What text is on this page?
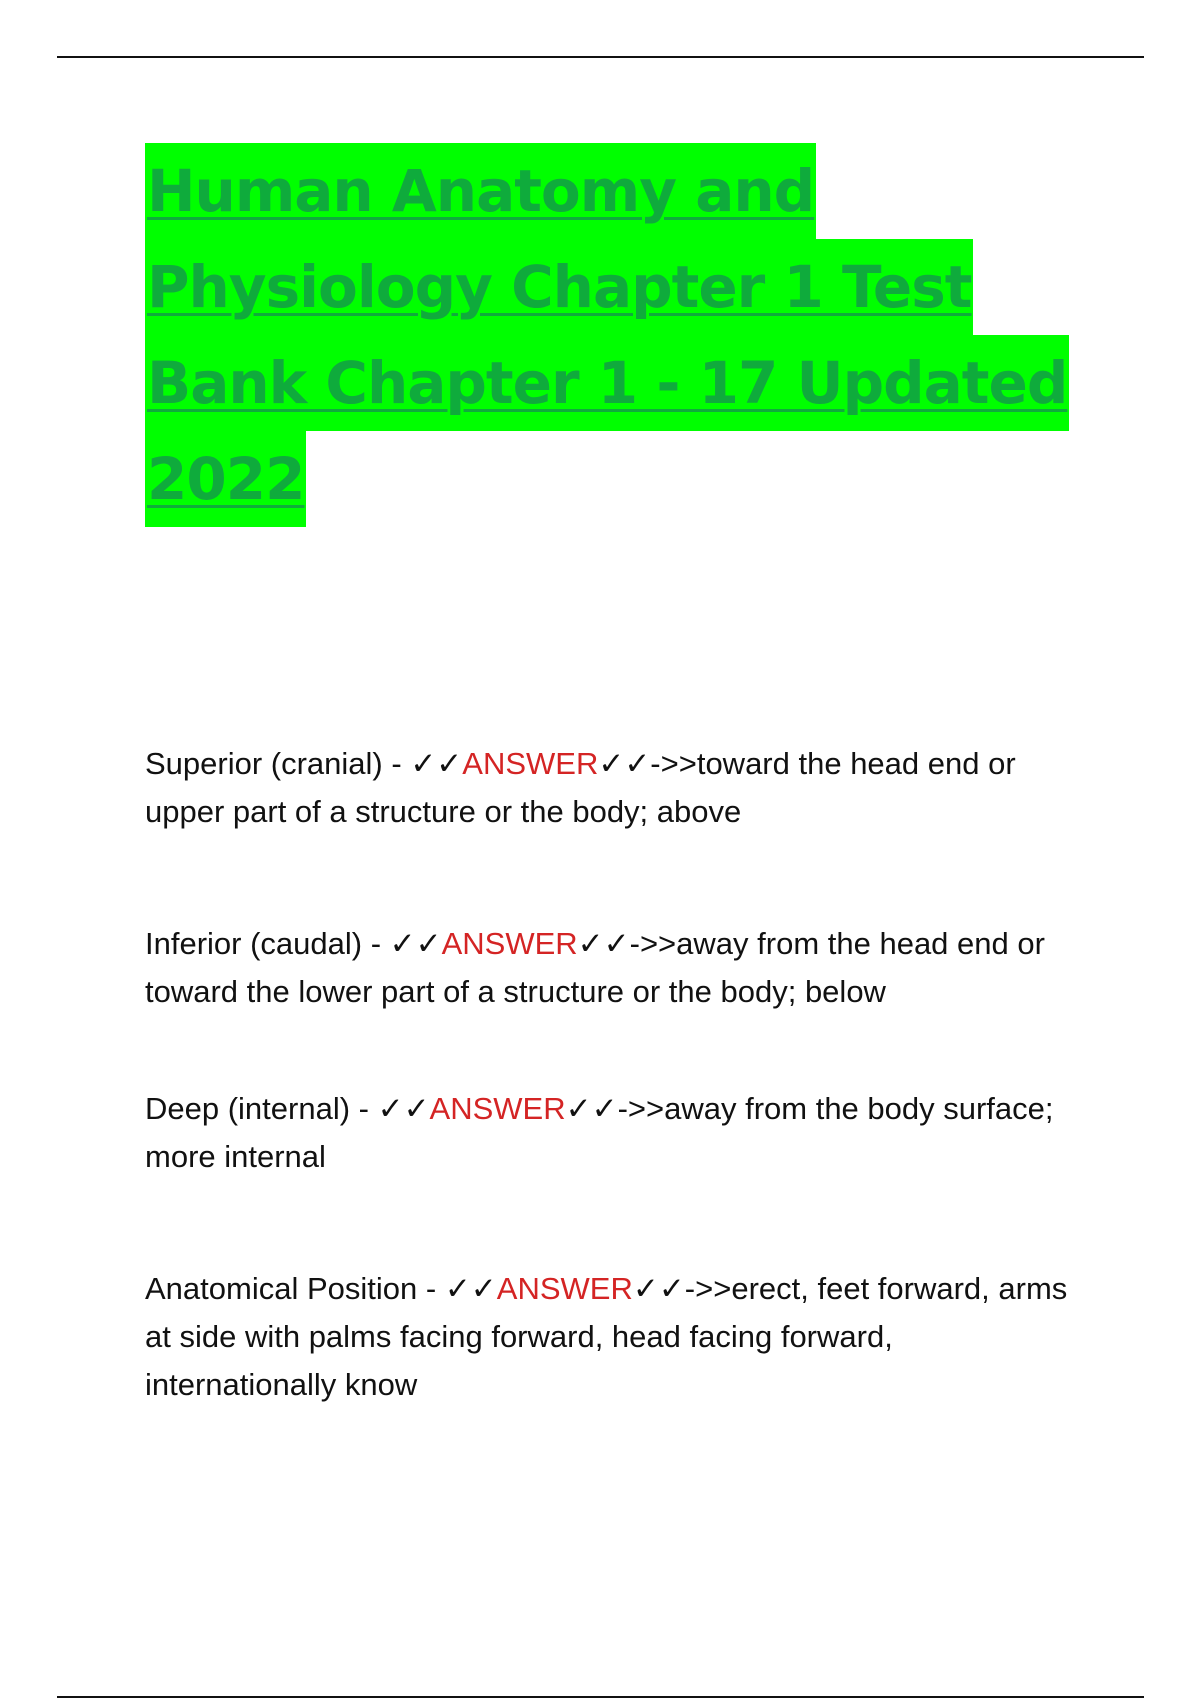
Human Anatomy and
Physiology Chapter 1 Test
Bank Chapter 1 - 17 Updated
2022

Superior (cranial) - ✓✓ANSWER✓✓->>toward the head end or upper part of a structure or the body; above

Inferior (caudal) - ✓✓ANSWER✓✓->>away from the head end or toward the lower part of a structure or the body; below

Deep (internal) - ✓✓ANSWER✓✓->>away from the body surface; more internal

Anatomical Position - ✓✓ANSWER✓✓->>erect, feet forward, arms at side with palms facing forward, head facing forward, internationally know
